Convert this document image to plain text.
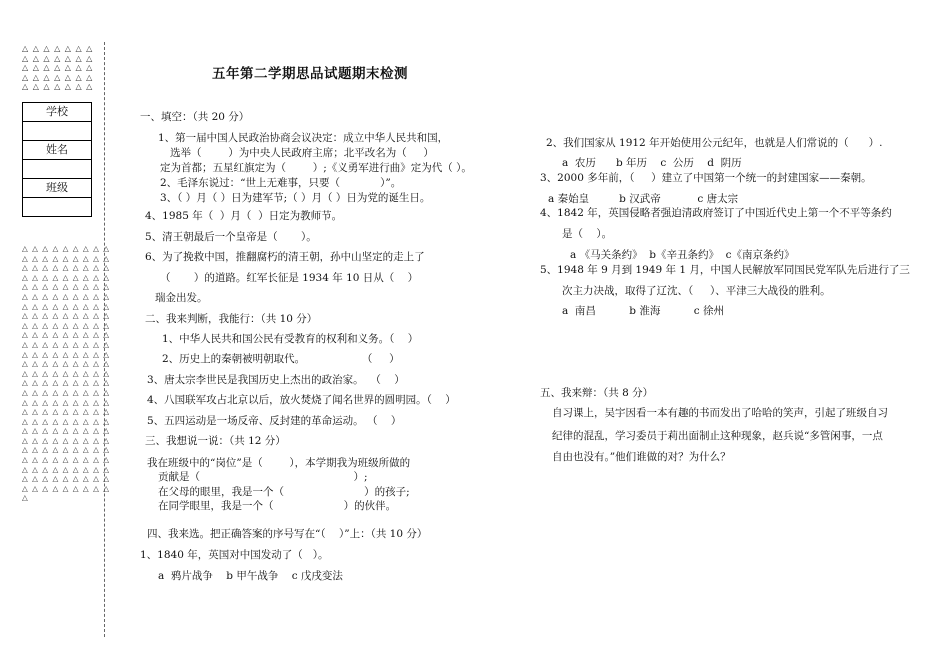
△ △ △ △ △ △ △
△ △ △ △ △ △ △
△ △ △ △ △ △ △
△ △ △ △ △ △ △
△ △ △ △ △ △ △
△ △ △ △ △ △ △ △ △
△ △ △ △ △ △ △ △ △
△ △ △ △ △ △ △ △ △
△ △ △ △ △ △ △ △ △
△ △ △ △ △ △ △ △ △
△ △ △ △ △ △ △ △ △
△ △ △ △ △ △ △ △ △
△ △ △ △ △ △ △ △ △
△ △ △ △ △ △ △ △ △
△ △ △ △ △ △ △ △ △
△ △ △ △ △ △ △ △ △
△ △ △ △ △ △ △ △ △
△ △ △ △ △ △ △ △ △
△ △ △ △ △ △ △ △ △
△ △ △ △ △ △ △ △ △
△ △ △ △ △ △ △ △ △
△ △ △ △ △ △ △ △ △
△ △ △ △ △ △ △ △ △
△ △ △ △ △ △ △ △ △
△ △ △ △ △ △ △ △ △
△ △ △ △ △ △ △ △ △
△ △ △ △ △ △ △ △ △
△ △ △ △ △ △ △ △ △
△ △ △ △ △ △ △ △ △
△ △ △ △ △ △ △ △ △
△ △ △ △ △ △ △ △ △
△
学校
姓名
班级
五年第二学期思品试题期末检测
一、填空：（共 20 分）
1、第一届中国人民政治协商会议决定：成立中华人民共和国，
选举（        ）为中央人民政府主席；北平改名为（     ）
定为首都；五星红旗定为（        ）;《义勇军进行曲》定为代（ ）。
2、毛泽东说过：“世上无难事，只要（            ）”。
3、（ ）月（ ）日为建军节;（ ）月（ ）日为党的诞生日。
4、1985 年（  ）月（  ）日定为教师节。
5、清王朝最后一个皇帝是（       ）。
6、为了挽救中国，推翻腐朽的清王朝，孙中山坚定的走上了
（       ）的道路。红军长征是 1934 年 10 日从（    ）
瑞金出发。
二、我来判断，我能行：（共 10 分）
1、中华人民共和国公民有受教育的权利和义务。（    ）
2、历史上的秦朝被明朝取代。                 （     ）
3、唐太宗李世民是我国历史上杰出的政治家。  （    ）
4、八国联军攻占北京以后，放火焚烧了闻名世界的圆明园。（    ）
5、五四运动是一场反帝、反封建的革命运动。 （    ）
三、我想说一说：（共 12 分）
我在班级中的“岗位”是（        ），本学期我为班级所做的
贡献是（                                              ）;
在父母的眼里，我是一个（                        ）的孩子;
在同学眼里，我是一个（                     ）的伙伴。
四、我来选。把正确答案的序号写在“（    ）”上：（共 10 分）
1、1840 年，英国对中国发动了（   ）。
a  鸦片战争    b 甲午战争    c 戊戌变法
2、我们国家从 1912 年开始使用公元纪年，也就是人们常说的（      ）.
a  农历      b 年历    c  公历    d  阴历
3、2000 多年前，（     ）建立了中国第一个统一的封建国家——秦朝。
a 秦始皇         b 汉武帝           c 唐太宗
4、1842 年，英国侵略者强迫清政府签订了中国近代史上第一个不平等条约
是（    ）。
a 《马关条约》  b《辛丑条约》  c《南京条约》
5、1948 年 9 月到 1949 年 1 月，中国人民解放军同国民党军队先后进行了三
次主力决战，取得了辽沈、（     ）、平津三大战役的胜利。
a  南昌          b 淮海          c 徐州
五、我来辩：（共 8 分）
自习课上，吴宇因看一本有趣的书而发出了哈哈的笑声，引起了班级自习
纪律的混乱，学习委员于莉出面制止这种现象，赵兵说“多管闲事，一点
自由也没有。”他们谁做的对？为什么？
